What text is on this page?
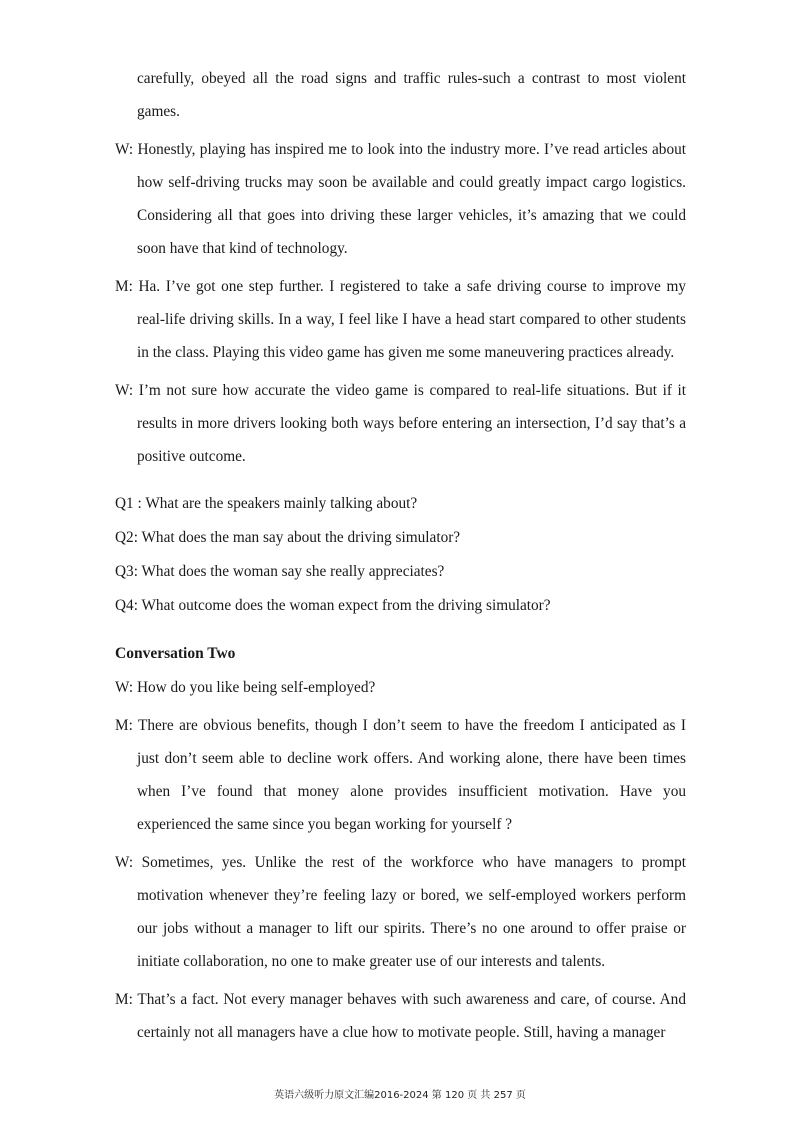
carefully, obeyed all the road signs and traffic rules-such a contrast to most violent games.

W: Honestly, playing has inspired me to look into the industry more. I’ve read articles about how self-driving trucks may soon be available and could greatly impact cargo logistics. Considering all that goes into driving these larger vehicles, it’s amazing that we could soon have that kind of technology.

M: Ha. I’ve got one step further. I registered to take a safe driving course to improve my real-life driving skills. In a way, I feel like I have a head start compared to other students in the class. Playing this video game has given me some maneuvering practices already.

W: I’m not sure how accurate the video game is compared to real-life situations. But if it results in more drivers looking both ways before entering an intersection, I’d say that’s a positive outcome.

Q1 : What are the speakers mainly talking about?

Q2: What does the man say about the driving simulator?

Q3: What does the woman say she really appreciates?

Q4: What outcome does the woman expect from the driving simulator?

Conversation Two

W: How do you like being self-employed?

M: There are obvious benefits, though I don’t seem to have the freedom I anticipated as I just don’t seem able to decline work offers. And working alone, there have been times when I’ve found that money alone provides insufficient motivation. Have you experienced the same since you began working for yourself ?

W: Sometimes, yes. Unlike the rest of the workforce who have managers to prompt motivation whenever they’re feeling lazy or bored, we self-employed workers perform our jobs without a manager to lift our spirits. There’s no one around to offer praise or initiate collaboration, no one to make greater use of our interests and talents.

M: That’s a fact. Not every manager behaves with such awareness and care, of course. And certainly not all managers have a clue how to motivate people. Still, having a manager

英语六级听力原文汇编2016-2024 第 120 页 共 257 页
